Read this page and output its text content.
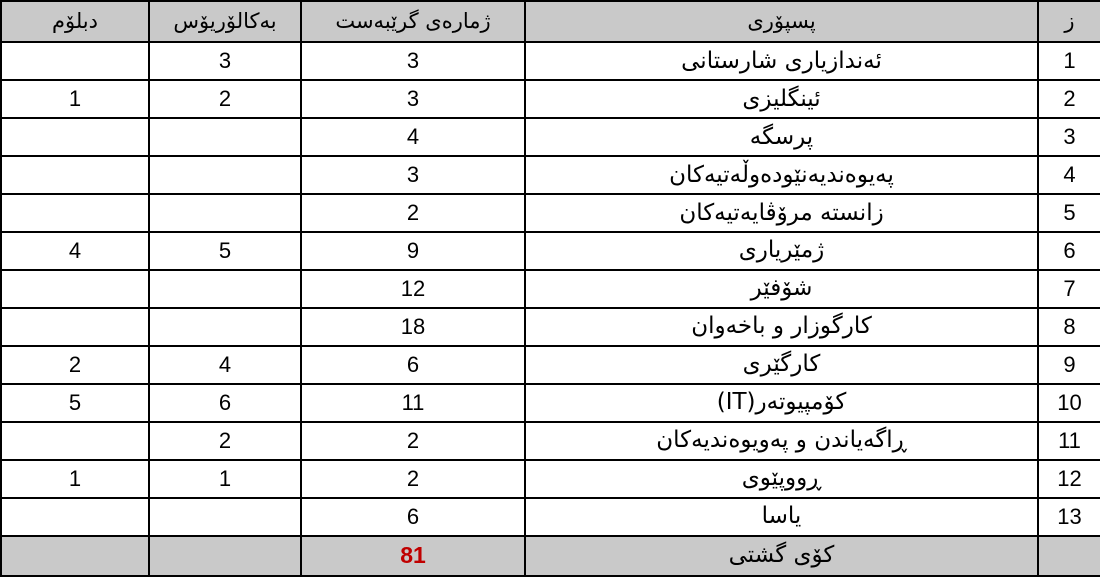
دبلۆم	بەکالۆریۆس	ژمارەی گرێبەست	پسپۆری	ز
	3	3	ئەندازیاری شارستانی	1
1	2	3	ئینگلیزی	2
		4	پرسگە	3
		3	پەیوەندیەنێودەوڵەتیەکان	4
		2	زانستە مرۆڤایەتیەکان	5
4	5	9	ژمێریاری	6
		12	شۆفێر	7
		18	کارگوزار و باخەوان	8
2	4	6	کارگێری	9
5	6	11	کۆمپیوتەر(IT)	10
	2	2	ڕاگەیاندن و پەویوەندیەکان	11
1	1	2	ڕووپێوی	12
		6	یاسا	13
		81	کۆی گشتی	
